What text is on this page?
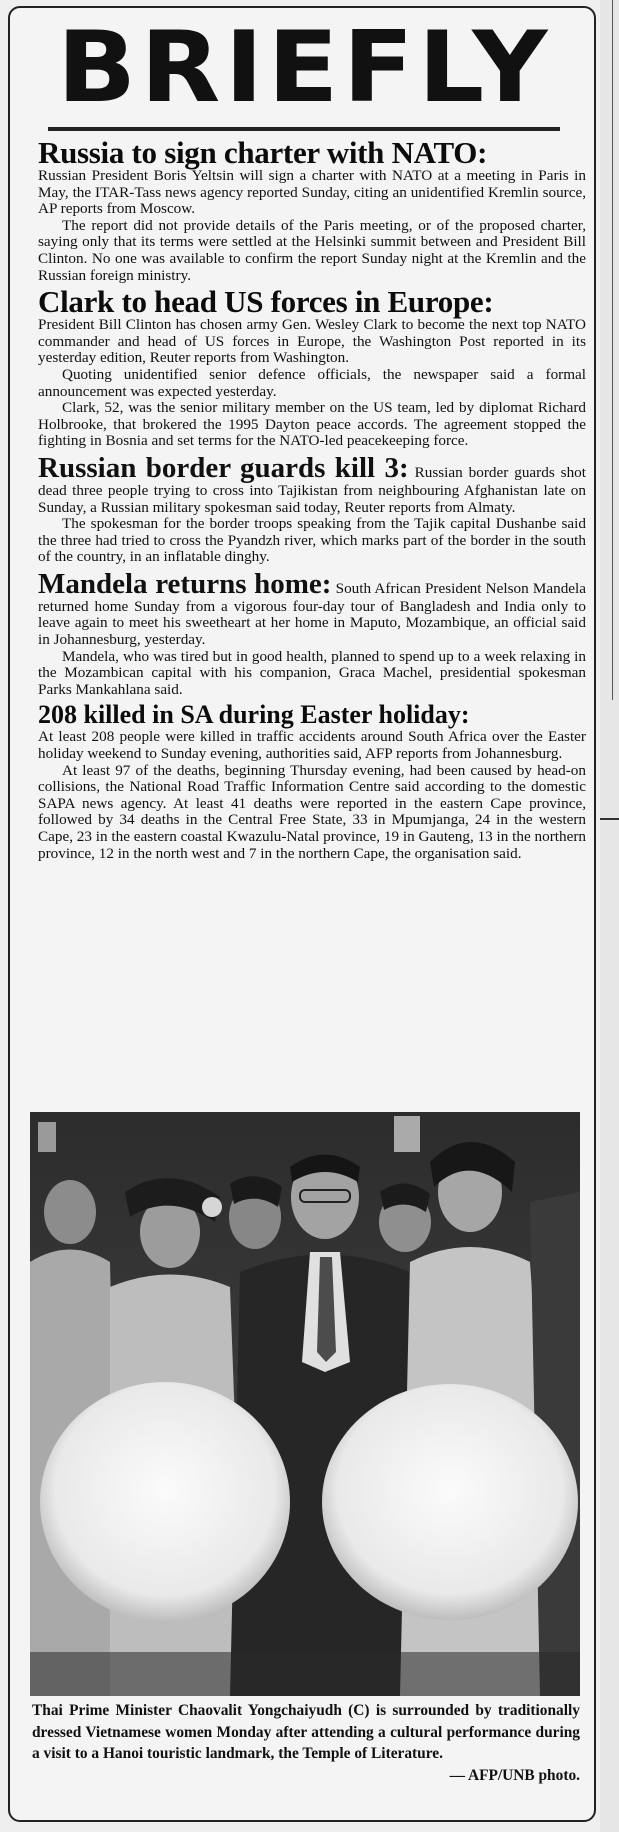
BRIEFLY
Russia to sign charter with NATO:

Russian President Boris Yeltsin will sign a charter with NATO at a meeting in Paris in May, the ITAR-Tass news agency reported Sunday, citing an unidentified Kremlin source, AP reports from Moscow.

The report did not provide details of the Paris meeting, or of the proposed charter, saying only that its terms were settled at the Helsinki summit between and President Bill Clinton. No one was available to confirm the report Sunday night at the Kremlin and the Russian foreign ministry.

Clark to head US forces in Europe:

President Bill Clinton has chosen army Gen. Wesley Clark to become the next top NATO commander and head of US forces in Europe, the Washington Post reported in its yesterday edition, Reuter reports from Washington.

Quoting unidentified senior defence officials, the newspaper said a formal announcement was expected yesterday.

Clark, 52, was the senior military member on the US team, led by diplomat Richard Holbrooke, that brokered the 1995 Dayton peace accords. The agreement stopped the fighting in Bosnia and set terms for the NATO-led peacekeeping force.

Russian border guards kill 3: Russian border guards shot dead three people trying to cross into Tajikistan from neighbouring Afghanistan late on Sunday, a Russian military spokesman said today, Reuter reports from Almaty.

The spokesman for the border troops speaking from the Tajik capital Dushanbe said the three had tried to cross the Pyandzh river, which marks part of the border in the south of the country, in an inflatable dinghy.

Mandela returns home: South African President Nelson Mandela returned home Sunday from a vigorous four-day tour of Bangladesh and India only to leave again to meet his sweetheart at her home in Maputo, Mozambique, an official said in Johannesburg, yesterday.

Mandela, who was tired but in good health, planned to spend up to a week relaxing in the Mozambican capital with his companion, Graca Machel, presidential spokesman Parks Mankahlana said.

208 killed in SA during Easter holiday:

At least 208 people were killed in traffic accidents around South Africa over the Easter holiday weekend to Sunday evening, authorities said, AFP reports from Johannesburg.

At least 97 of the deaths, beginning Thursday evening, had been caused by head-on collisions, the National Road Traffic Information Centre said according to the domestic SAPA news agency. At least 41 deaths were reported in the eastern Cape province, followed by 34 deaths in the Central Free State, 33 in Mpumjanga, 24 in the western Cape, 23 in the eastern coastal Kwazulu-Natal province, 19 in Gauteng, 13 in the northern province, 12 in the north west and 7 in the northern Cape, the organisation said.

Thai Prime Minister Chaovalit Yongchaiyudh (C) is surrounded by traditionally dressed Vietnamese women Monday after attending a cultural performance during a visit to a Hanoi touristic landmark, the Temple of Literature.
— AFP/UNB photo.
